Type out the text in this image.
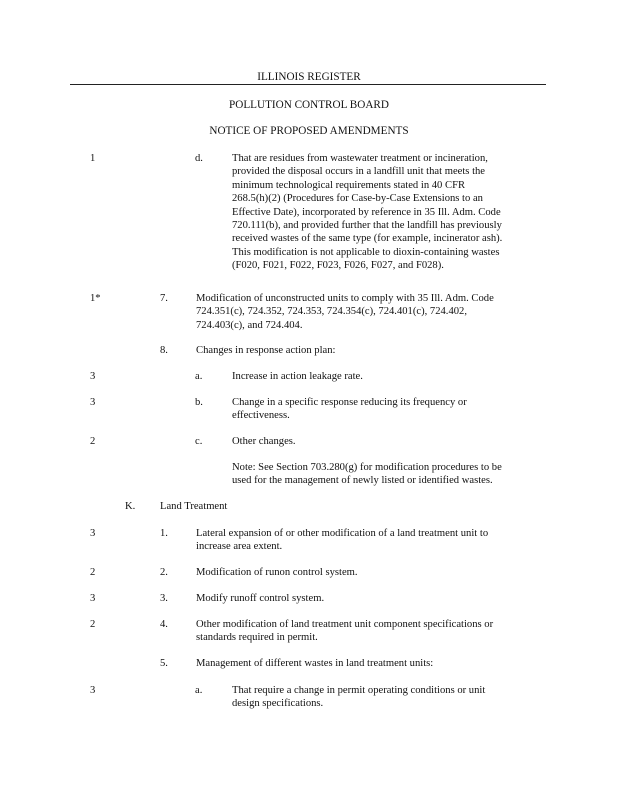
ILLINOIS REGISTER
POLLUTION CONTROL BOARD
NOTICE OF PROPOSED AMENDMENTS
1	d.	That are residues from wastewater treatment or incineration,
provided the disposal occurs in a landfill unit that meets the
minimum technological requirements stated in 40 CFR
268.5(h)(2) (Procedures for Case-by-Case Extensions to an
Effective Date), incorporated by reference in 35 Ill. Adm. Code
720.111(b), and provided further that the landfill has previously
received wastes of the same type (for example, incinerator ash).
This modification is not applicable to dioxin-containing wastes
(F020, F021, F022, F023, F026, F027, and F028).
1*	7.	Modification of unconstructed units to comply with 35 Ill. Adm. Code
724.351(c), 724.352, 724.353, 724.354(c), 724.401(c), 724.402,
724.403(c), and 724.404.
8.	Changes in response action plan:
3	a.	Increase in action leakage rate.
3	b.	Change in a specific response reducing its frequency or
effectiveness.
2	c.	Other changes.
Note: See Section 703.280(g) for modification procedures to be
used for the management of newly listed or identified wastes.
K. Land Treatment
3	1.	Lateral expansion of or other modification of a land treatment unit to
increase area extent.
2	2.	Modification of runon control system.
3	3.	Modify runoff control system.
2	4.	Other modification of land treatment unit component specifications or
standards required in permit.
5.	Management of different wastes in land treatment units:
3	a.	That require a change in permit operating conditions or unit
design specifications.
